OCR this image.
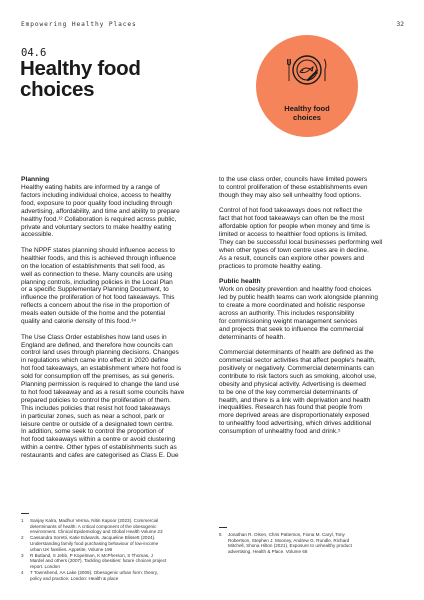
Empowering Healthy Places	32
04.6
Healthy food
choices
Healthy food
choices
Planning

Healthy eating habits are informed by a range of
factors including individual choice, access to healthy
food, exposure to poor quality food including through
advertising, affordability, and time and ability to prepare
healthy food.¹² Collaboration is required across public,
private and voluntary sectors to make healthy eating
accessible.

The NPPF states planning should influence access to
healthier foods, and this is achieved through influence
on the location of establishments that sell food, as
well as connection to these. Many councils are using
planning controls, including policies in the Local Plan
or a specific Supplementary Planning Document, to
influence the proliferation of hot food takeaways. This
reflects a concern about the rise in the proportion of
meals eaten outside of the home and the potential
quality and calorie density of this food.³⁴

The Use Class Order establishes how land uses in
England are defined, and therefore how councils can
control land uses through planning decisions. Changes
in regulations which came into effect in 2020 define
hot food takeaways, an establishment where hot food is
sold for consumption off the premises, as sui generis.
Planning permission is required to change the land use
to hot food takeaway and as a result some councils have
prepared policies to control the proliferation of them.
This includes policies that resist hot food takeaways
in particular zones, such as near a school, park or
leisure centre or outside of a designated town centre.
In addition, some seek to control the proportion of
hot food takeaways within a centre or avoid clustering
within a centre. Other types of establishments such as
restaurants and cafes are categorised as Class E. Due

to the use class order, councils have limited powers
to control proliferation of these establishments even
though they may also sell unhealthy food options.

Control of hot food takeaways does not reflect the
fact that hot food takeaways can often be the most
affordable option for people when money and time is
limited or access to healthier food options is limited.
They can be successful local businesses performing well
when other types of town centre uses are in decline.
As a result, councils can explore other powers and
practices to promote healthy eating.

Public health

Work on obesity prevention and healthy food choices
led by public health teams can work alongside planning
to create a more coordinated and holistic response
across an authority. This includes responsibility
for commissioning weight management services
and projects that seek to influence the commercial
determinants of health.

Commercial determinants of health are defined as the
commercial sector activities that affect people's health,
positively or negatively. Commercial determinants can
contribute to risk factors such as smoking, alcohol use,
obesity and physical activity. Advertising is deemed
to be one of the key commercial determinants of
health, and there is a link with deprivation and health
inequalities. Research has found that people from
more deprived areas are disproportionately exposed
to unhealthy food advertising, which drives additional
consumption of unhealthy food and drink.⁵

1	Sanjay Kalra, Madhur Verma, Nitin Kapoor (2023). Commercial
determinants of health: A critical component of the obesogenic
environment. Clinical Epidemiology and Global Health Volume 23
2	Cassandra Soretti, Katie Edwards, Jacqueline Blissett (2024).
Understanding family food purchasing behaviour of low-income
urban UK families. Appetite, Volume 196
3	R Butland, S Jebb, P Kopelman, K McPherson, S Thomas, J
Mardel and others (2007). Tackling obesities: future choices project
report. London
4	T Townshend, AA Lake (2009). Obesogenic urban form: theory,
policy and practice. London: Health & place
5	Jonathan R. Olsen, Chris Patterson, Fiona M. Caryl, Tony
Robertson, Stephen J. Mooney, Andrew G. Rundle, Richard
Mitchell, Shona Hilton (2021). Exposure to unhealthy product
advertising. Health & Place. Volume 68
